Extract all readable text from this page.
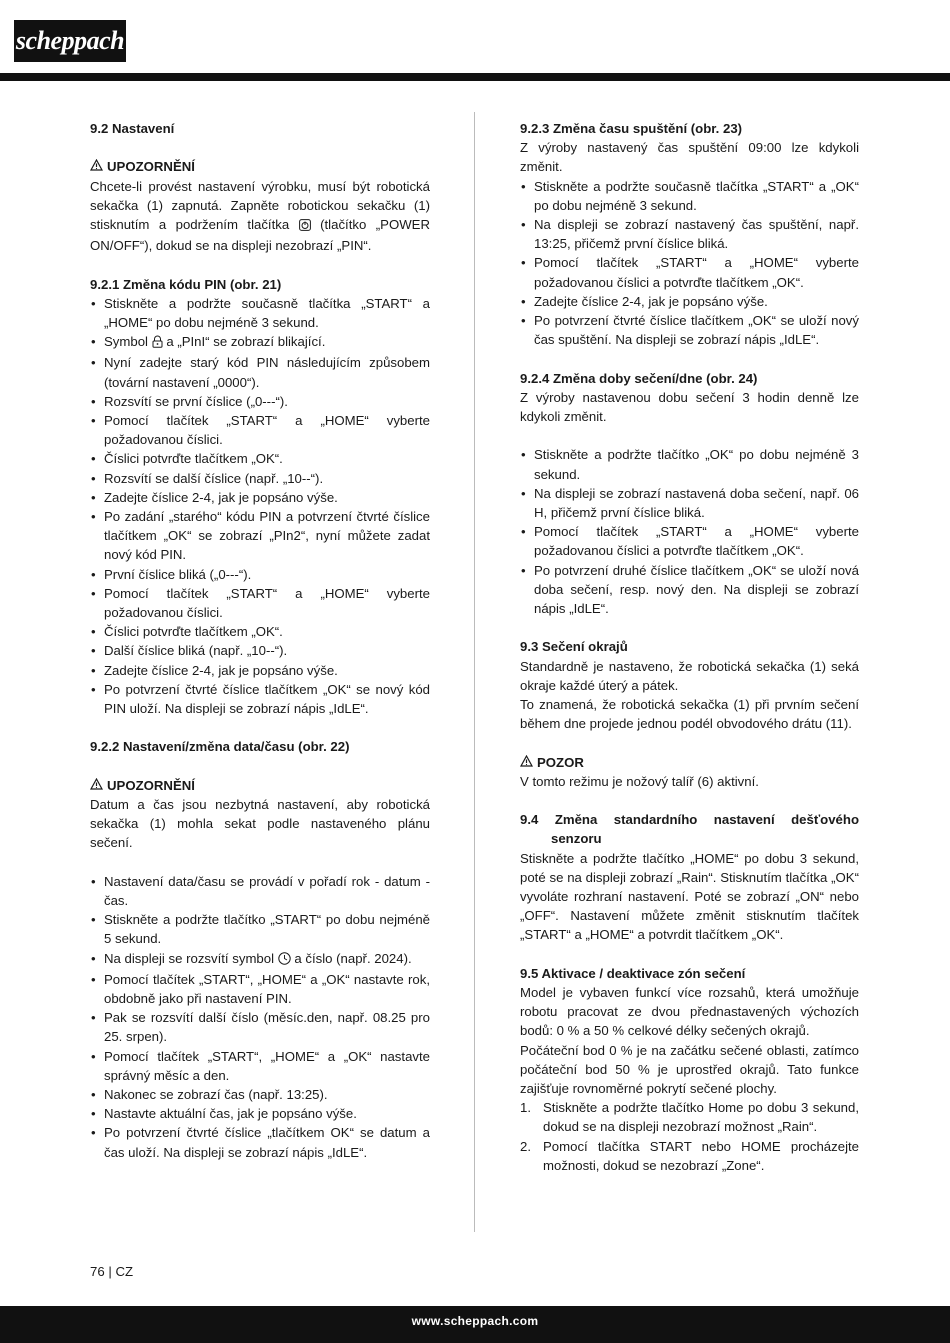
scheppach
9.2 Nastavení
UPOZORNĚNÍ

Chcete-li provést nastavení výrobku, musí být robotická sekačka (1) zapnutá. Zapněte robotickou sekačku (1) stisknutím a podržením tlačítka (tlačítko „POWER ON/OFF“), dokud se na displeji nezobrazí „PIN“.

9.2.1 Změna kódu PIN (obr. 21)
• Stiskněte a podržte současně tlačítka „START“ a „HOME“ po dobu nejméně 3 sekund.
• Symbol a „PInI“ se zobrazí blikající.
• Nyní zadejte starý kód PIN následujícím způsobem (tovární nastavení „0000“).
• Rozsvítí se první číslice („0---“).
• Pomocí tlačítek „START“ a „HOME“ vyberte požadovanou číslici.
• Číslici potvrďte tlačítkem „OK“.
• Rozsvítí se další číslice (např. „10--“).
• Zadejte číslice 2-4, jak je popsáno výše.
• Po zadání „starého“ kódu PIN a potvrzení čtvrté číslice tlačítkem „OK“ se zobrazí „PIn2“, nyní můžete zadat nový kód PIN.
• První číslice bliká („0---“).
• Pomocí tlačítek „START“ a „HOME“ vyberte požadovanou číslici.
• Číslici potvrďte tlačítkem „OK“.
• Další číslice bliká (např. „10--“).
• Zadejte číslice 2-4, jak je popsáno výše.
• Po potvrzení čtvrté číslice tlačítkem „OK“ se nový kód PIN uloží. Na displeji se zobrazí nápis „IdLE“.
9.2.2 Nastavení/změna data/času (obr. 22)
UPOZORNĚNÍ

Datum a čas jsou nezbytná nastavení, aby robotická sekačka (1) mohla sekat podle nastaveného plánu sečení.

• Nastavení data/času se provádí v pořadí rok - datum - čas.
• Stiskněte a podržte tlačítko „START“ po dobu nejméně 5 sekund.
• Na displeji se rozsvítí symbol a číslo (např. 2024).
• Pomocí tlačítek „START“, „HOME“ a „OK“ nastavte rok, obdobně jako při nastavení PIN.
• Pak se rozsvítí další číslo (měsíc.den, např. 08.25 pro 25. srpen).
• Pomocí tlačítek „START“, „HOME“ a „OK“ nastavte správný měsíc a den.
• Nakonec se zobrazí čas (např. 13:25).
• Nastavte aktuální čas, jak je popsáno výše.
• Po potvrzení čtvrté číslice „tlačítkem OK“ se datum a čas uloží. Na displeji se zobrazí nápis „IdLE“.
9.2.3 Změna času spuštění (obr. 23)

Z výroby nastavený čas spuštění 09:00 lze kdykoli změnit.

• Stiskněte a podržte současně tlačítka „START“ a „OK“ po dobu nejméně 3 sekund.
• Na displeji se zobrazí nastavený čas spuštění, např. 13:25, přičemž první číslice bliká.
• Pomocí tlačítek „START“ a „HOME“ vyberte požadovanou číslici a potvrďte tlačítkem „OK“.
• Zadejte číslice 2-4, jak je popsáno výše.
• Po potvrzení čtvrté číslice tlačítkem „OK“ se uloží nový čas spuštění. Na displeji se zobrazí nápis „IdLE“.
9.2.4 Změna doby sečení/dne (obr. 24)

Z výroby nastavenou dobu sečení 3 hodin denně lze kdykoli změnit.

• Stiskněte a podržte tlačítko „OK“ po dobu nejméně 3 sekund.
• Na displeji se zobrazí nastavená doba sečení, např. 06 H, přičemž první číslice bliká.
• Pomocí tlačítek „START“ a „HOME“ vyberte požadovanou číslici a potvrďte tlačítkem „OK“.
• Po potvrzení druhé číslice tlačítkem „OK“ se uloží nová doba sečení, resp. nový den. Na displeji se zobrazí nápis „IdLE“.
9.3 Sečení okrajů

Standardně je nastaveno, že robotická sekačka (1) seká okraje každé úterý a pátek.

To znamená, že robotická sekačka (1) při prvním sečení během dne projede jednou podél obvodového drátu (11).

POZOR

V tomto režimu je nožový talíř (6) aktivní.

9.4 Změna standardního nastavení dešťového
senzoru

Stiskněte a podržte tlačítko „HOME“ po dobu 3 sekund, poté se na displeji zobrazí „Rain“. Stisknutím tlačítka „OK“ vyvoláte rozhraní nastavení. Poté se zobrazí „ON“ nebo „OFF“. Nastavení můžete změnit stisknutím tlačítek „START“ a „HOME“ a potvrdit tlačítkem „OK“.

9.5 Aktivace / deaktivace zón sečení

Model je vybaven funkcí více rozsahů, která umožňuje robotu pracovat ze dvou přednastavených výchozích bodů: 0 % a 50 % celkové délky sečených okrajů.

Počáteční bod 0 % je na začátku sečené oblasti, zatímco počáteční bod 50 % je uprostřed okrajů. Tato funkce zajišťuje rovnoměrné pokrytí sečené plochy.

1. Stiskněte a podržte tlačítko Home po dobu 3 sekund, dokud se na displeji nezobrazí možnost „Rain“.
2. Pomocí tlačítka START nebo HOME procházejte možnosti, dokud se nezobrazí „Zone“.
76 | CZ
www.scheppach.com
